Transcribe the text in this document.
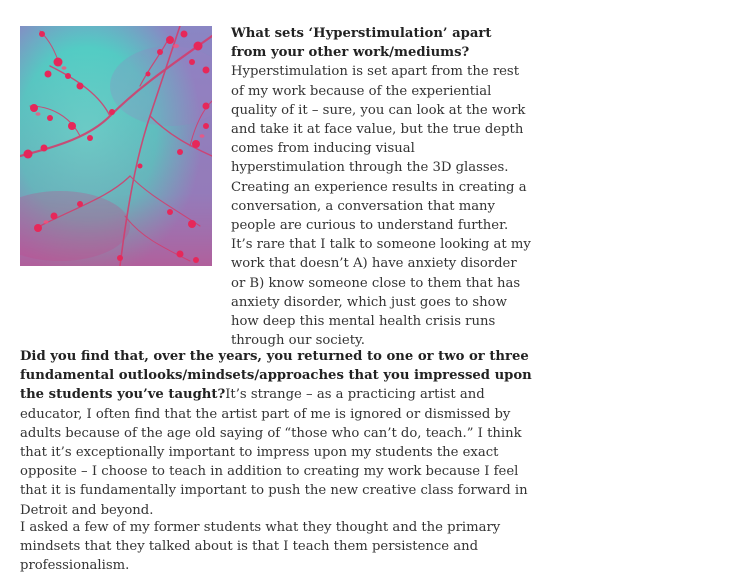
What sets ‘Hyperstimulation’ apart from your other work/mediums? Hyperstimulation is set apart from the rest of my work because of the experiential quality of it – sure, you can look at the work and take it at face value, but the true depth comes from inducing visual hyperstimulation through the 3D glasses. Creating an experience results in creating a conversation, a conversation that many people are curious to understand further. It’s rare that I talk to someone looking at my work that doesn’t A) have anxiety disorder or B) know someone close to them that has anxiety disorder, which just goes to show how deep this mental health crisis runs through our society.

Did you find that, over the years, you returned to one or two or three fundamental outlooks/mindsets/approaches that you impressed upon the students you’ve taught?It’s strange – as a practicing artist and educator, I often find that the artist part of me is ignored or dismissed by adults because of the age old saying of “those who can’t do, teach.” I think that it’s exceptionally important to impress upon my students the exact opposite – I choose to teach in addition to creating my work because I feel that it is fundamentally important to push the new creative class forward in Detroit and beyond.

I asked a few of my former students what they thought and the primary mindsets that they talked about is that I teach them persistence and professionalism.
